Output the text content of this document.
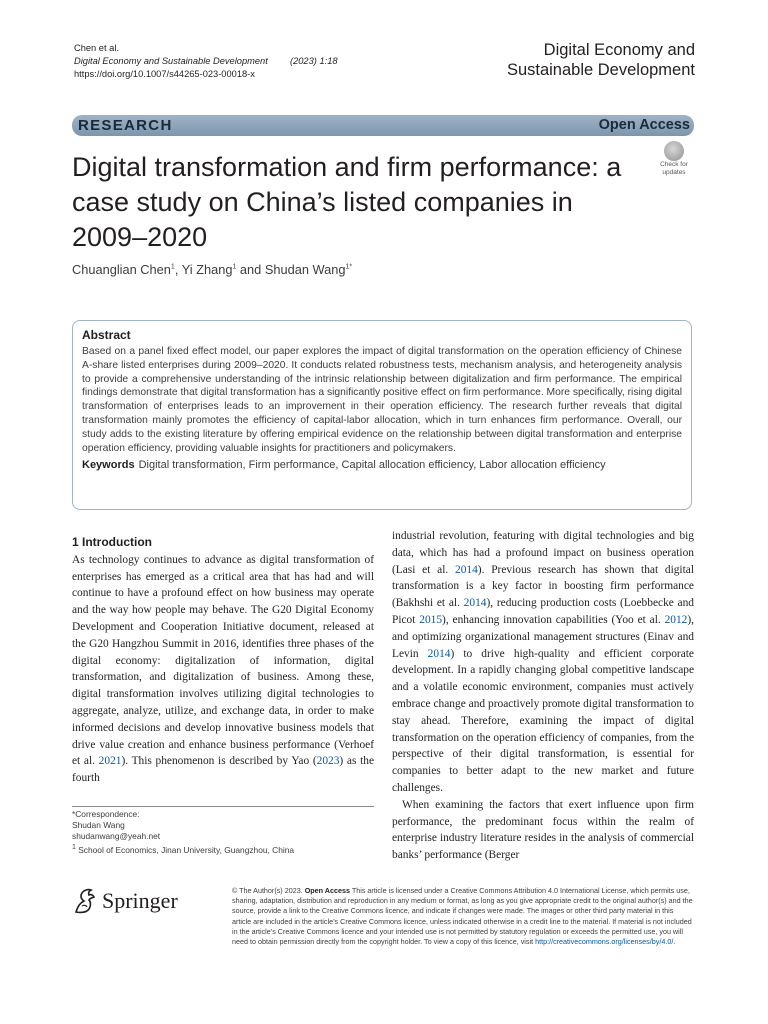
Chen et al.
Digital Economy and Sustainable Development (2023) 1:18
https://doi.org/10.1007/s44265-023-00018-x
Digital Economy and
Sustainable Development
RESEARCH	Open Access
Digital transformation and firm performance: a case study on China’s listed companies in 2009–2020
Check for updates
Chuanglian Chen$^1$, Yi Zhang$^1$ and Shudan Wang$^{1*}$
Abstract

Based on a panel fixed effect model, our paper explores the impact of digital transformation on the operation efficiency of Chinese A-share listed enterprises during 2009–2020. It conducts related robustness tests, mechanism analysis, and heterogeneity analysis to provide a comprehensive understanding of the intrinsic relationship between digitalization and firm performance. The empirical findings demonstrate that digital transformation has a significantly positive effect on firm performance. More specifically, rising digital transformation of enterprises leads to an improvement in their operation efficiency. The research further reveals that digital transformation mainly promotes the efficiency of capital-labor allocation, which in turn enhances firm performance. Overall, our study adds to the existing literature by offering empirical evidence on the relationship between digital transformation and enterprise operation efficiency, providing valuable insights for practitioners and policymakers.

Keywords Digital transformation, Firm performance, Capital allocation efficiency, Labor allocation efficiency
1 Introduction

As technology continues to advance as digital transformation of enterprises has emerged as a critical area that has had and will continue to have a profound effect on how business may operate and the way how people may behave. The G20 Digital Economy Development and Cooperation Initiative document, released at the G20 Hangzhou Summit in 2016, identifies three phases of the digital economy: digitalization of information, digital transformation, and digitalization of business. Among these, digital transformation involves utilizing digital technologies to aggregate, analyze, utilize, and exchange data, in order to make informed decisions and develop innovative business models that drive value creation and enhance business performance (Verhoef et al. 2021). This phenomenon is described by Yao (2023) as the fourth

industrial revolution, featuring with digital technologies and big data, which has had a profound impact on business operation (Lasi et al. 2014). Previous research has shown that digital transformation is a key factor in boosting firm performance (Bakhshi et al. 2014), reducing production costs (Loebbecke and Picot 2015), enhancing innovation capabilities (Yoo et al. 2012), and optimizing organizational management structures (Einav and Levin 2014) to drive high-quality and efficient corporate development. In a rapidly changing global competitive landscape and a volatile economic environment, companies must actively embrace change and proactively promote digital transformation to stay ahead. Therefore, examining the impact of digital transformation on the operation efficiency of companies, from the perspective of their digital transformation, is essential for companies to better adapt to the new market and future challenges.

When examining the factors that exert influence upon firm performance, the predominant focus within the realm of enterprise industry literature resides in the analysis of commercial banks’ performance (Berger

*Correspondence:
Shudan Wang
shudanwang@yeah.net
$^1$ School of Economics, Jinan University, Guangzhou, China
Springer	© The Author(s) 2023. Open Access This article is licensed under a Creative Commons Attribution 4.0 International License, which permits use, sharing, adaptation, distribution and reproduction in any medium or format, as long as you give appropriate credit to the original author(s) and the source, provide a link to the Creative Commons licence, and indicate if changes were made. The images or other third party material in this article are included in the article’s Creative Commons licence, unless indicated otherwise in a credit line to the material. If material is not included in the article’s Creative Commons licence and your intended use is not permitted by statutory regulation or exceeds the permitted use, you will need to obtain permission directly from the copyright holder. To view a copy of this licence, visit http://creativecommons.org/licenses/by/4.0/.
